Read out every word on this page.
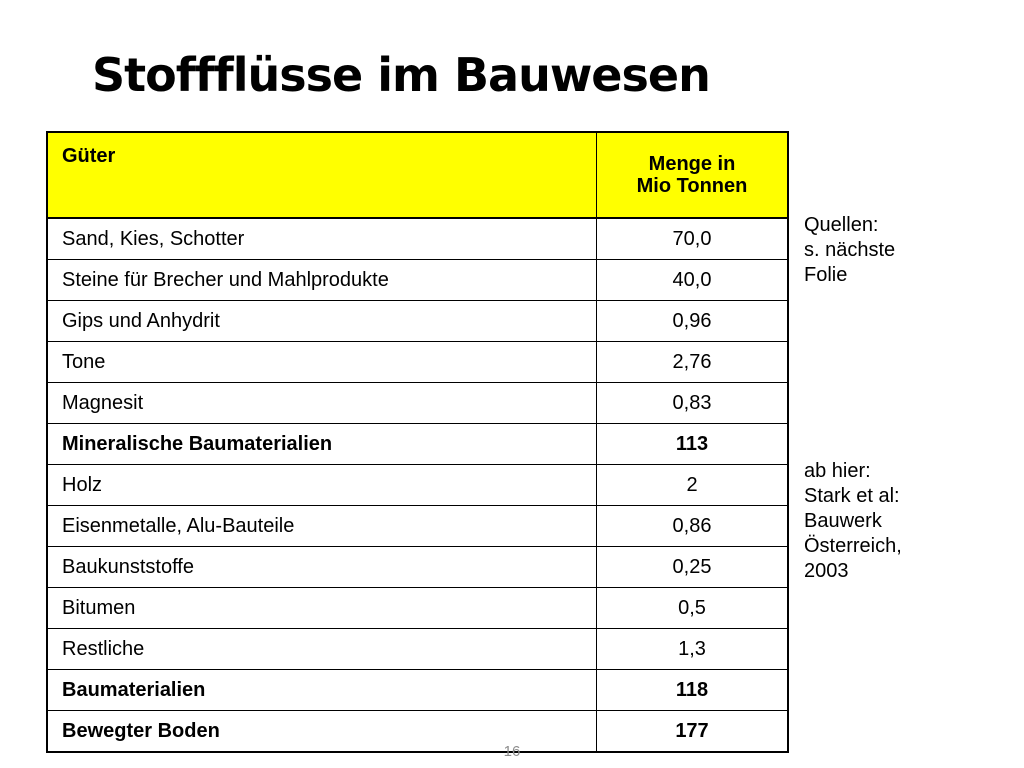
Stoffflüsse im Bauwesen
Güter	Menge in
Mio Tonnen

Sand, Kies, Schotter	70,0
Steine für Brecher und Mahlprodukte	40,0
Gips und Anhydrit	0,96
Tone	2,76
Magnesit	0,83
Mineralische Baumaterialien	113
Holz	2
Eisenmetalle, Alu-Bauteile	0,86
Baukunststoffe	0,25
Bitumen	0,5
Restliche	1,3
Baumaterialien	118
Bewegter Boden	177
Quellen:
s. nächste
Folie
ab hier:
Stark et al:
Bauwerk
Österreich,
2003
16
